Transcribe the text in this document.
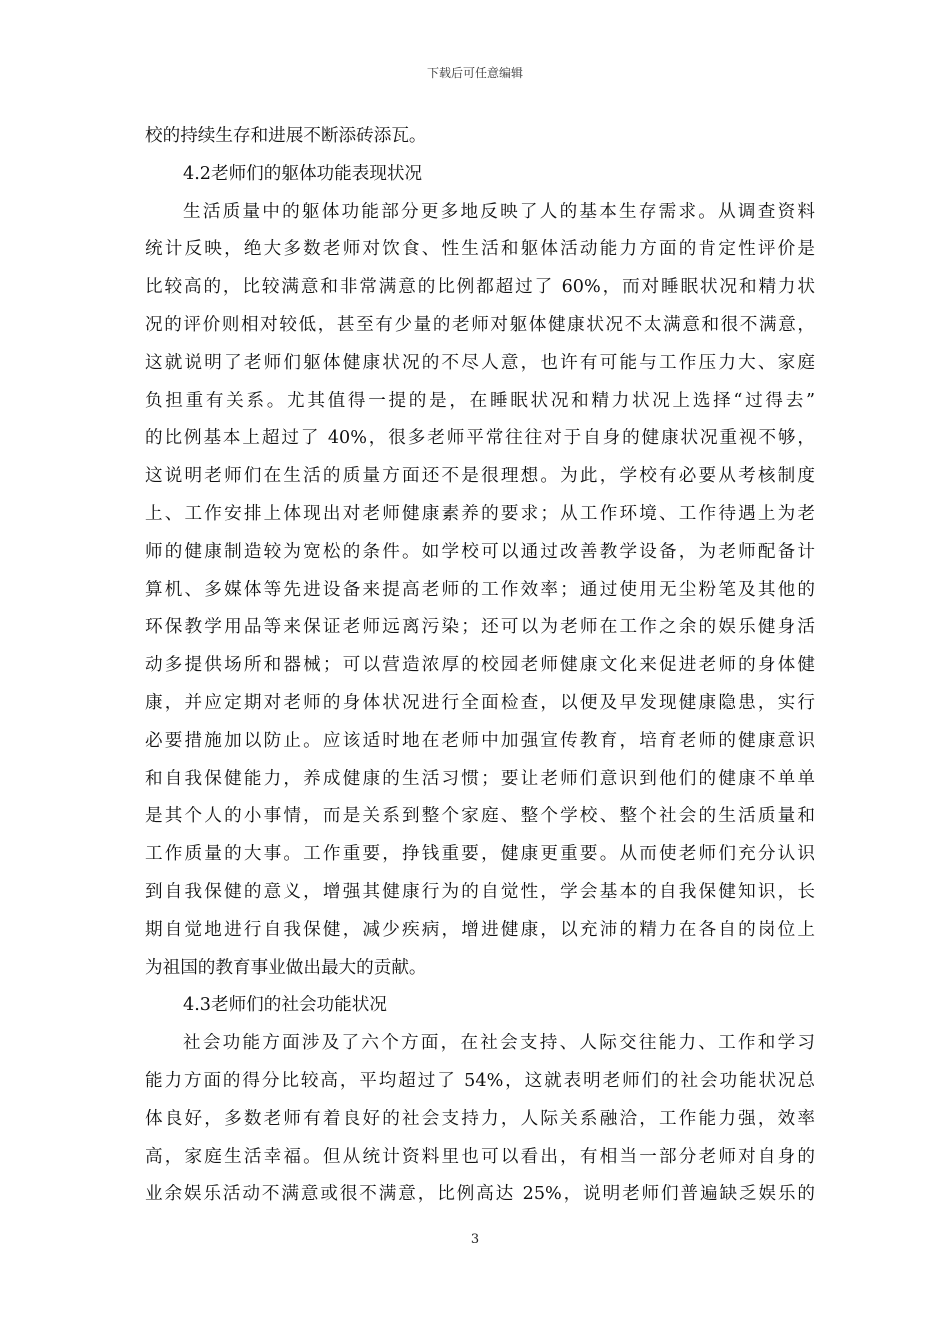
下载后可任意编辑
校的持续生存和进展不断添砖添瓦。
4.2老师们的躯体功能表现状况
生活质量中的躯体功能部分更多地反映了人的基本生存需求。从调查资料
统计反映，绝大多数老师对饮食、性生活和躯体活动能力方面的肯定性评价是
比较高的，比较满意和非常满意的比例都超过了 60%，而对睡眠状况和精力状
况的评价则相对较低，甚至有少量的老师对躯体健康状况不太满意和很不满意，
这就说明了老师们躯体健康状况的不尽人意，也许有可能与工作压力大、家庭
负担重有关系。尤其值得一提的是，在睡眠状况和精力状况上选择“过得去”
的比例基本上超过了 40%，很多老师平常往往对于自身的健康状况重视不够，
这说明老师们在生活的质量方面还不是很理想。为此，学校有必要从考核制度
上、工作安排上体现出对老师健康素养的要求；从工作环境、工作待遇上为老
师的健康制造较为宽松的条件。如学校可以通过改善教学设备，为老师配备计
算机、多媒体等先进设备来提高老师的工作效率；通过使用无尘粉笔及其他的
环保教学用品等来保证老师远离污染；还可以为老师在工作之余的娱乐健身活
动多提供场所和器械；可以营造浓厚的校园老师健康文化来促进老师的身体健
康，并应定期对老师的身体状况进行全面检查，以便及早发现健康隐患，实行
必要措施加以防止。应该适时地在老师中加强宣传教育，培育老师的健康意识
和自我保健能力，养成健康的生活习惯；要让老师们意识到他们的健康不单单
是其个人的小事情，而是关系到整个家庭、整个学校、整个社会的生活质量和
工作质量的大事。工作重要，挣钱重要，健康更重要。从而使老师们充分认识
到自我保健的意义，增强其健康行为的自觉性，学会基本的自我保健知识，长
期自觉地进行自我保健，减少疾病，增进健康，以充沛的精力在各自的岗位上
为祖国的教育事业做出最大的贡献。
4.3老师们的社会功能状况
社会功能方面涉及了六个方面，在社会支持、人际交往能力、工作和学习
能力方面的得分比较高，平均超过了 54%，这就表明老师们的社会功能状况总
体良好，多数老师有着良好的社会支持力，人际关系融洽，工作能力强，效率
高，家庭生活幸福。但从统计资料里也可以看出，有相当一部分老师对自身的
业余娱乐活动不满意或很不满意，比例高达 25%，说明老师们普遍缺乏娱乐的
3
